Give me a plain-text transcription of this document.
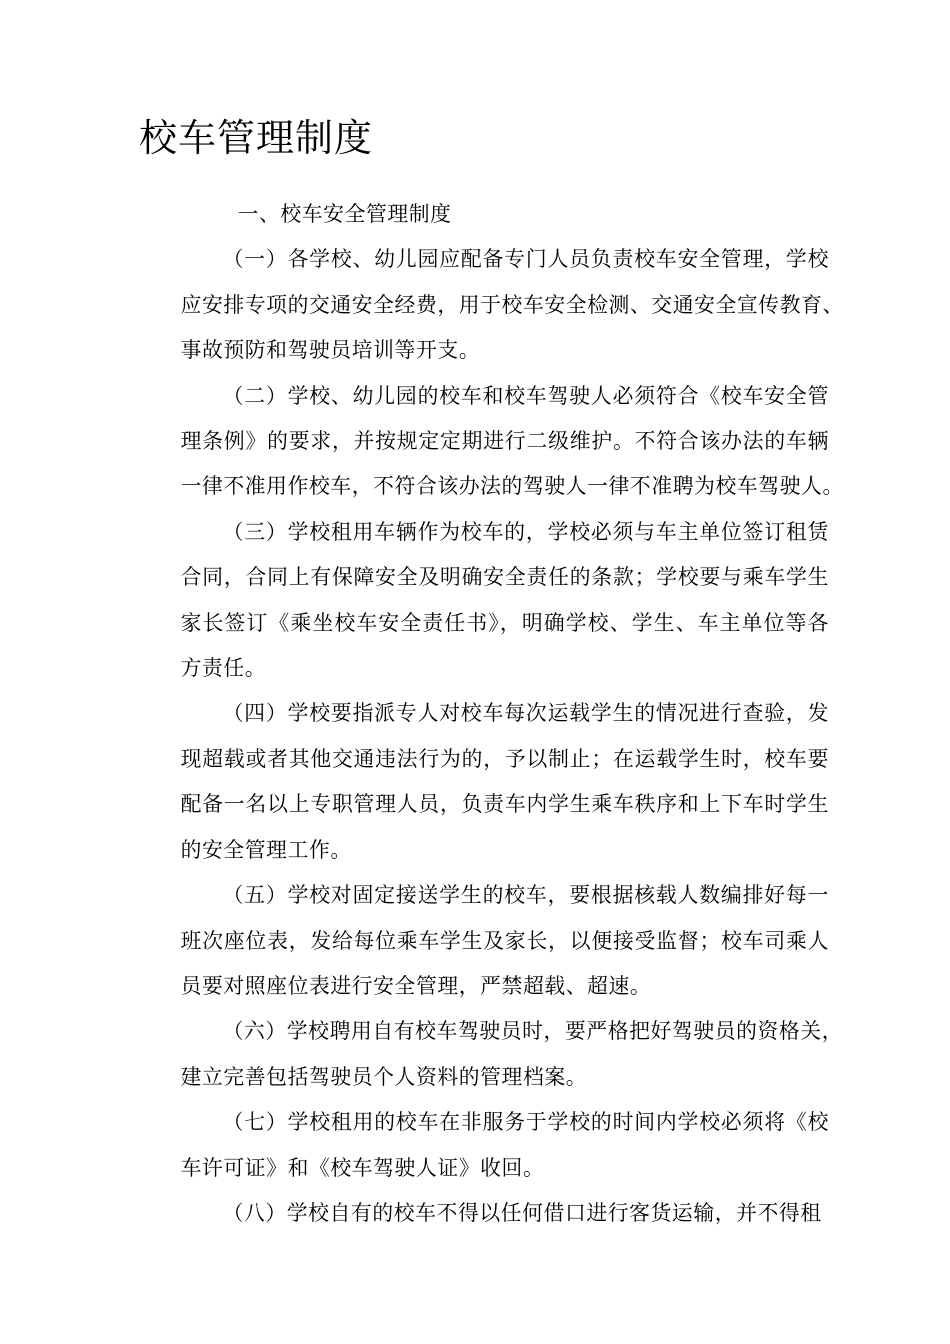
校车管理制度

一、校车安全管理制度

（一）各学校、幼儿园应配备专门人员负责校车安全管理，学校
应安排专项的交通安全经费，用于校车安全检测、交通安全宣传教育、
事故预防和驾驶员培训等开支。

（二）学校、幼儿园的校车和校车驾驶人必须符合《校车安全管
理条例》的要求，并按规定定期进行二级维护。不符合该办法的车辆
一律不准用作校车，不符合该办法的驾驶人一律不准聘为校车驾驶人。

（三）学校租用车辆作为校车的，学校必须与车主单位签订租赁
合同，合同上有保障安全及明确安全责任的条款；学校要与乘车学生
家长签订《乘坐校车安全责任书》，明确学校、学生、车主单位等各
方责任。

（四）学校要指派专人对校车每次运载学生的情况进行查验，发
现超载或者其他交通违法行为的，予以制止；在运载学生时，校车要
配备一名以上专职管理人员，负责车内学生乘车秩序和上下车时学生
的安全管理工作。

（五）学校对固定接送学生的校车，要根据核载人数编排好每一
班次座位表，发给每位乘车学生及家长，以便接受监督；校车司乘人
员要对照座位表进行安全管理，严禁超载、超速。

（六）学校聘用自有校车驾驶员时，要严格把好驾驶员的资格关，
建立完善包括驾驶员个人资料的管理档案。

（七）学校租用的校车在非服务于学校的时间内学校必须将《校
车许可证》和《校车驾驶人证》收回。

（八）学校自有的校车不得以任何借口进行客货运输，并不得租
